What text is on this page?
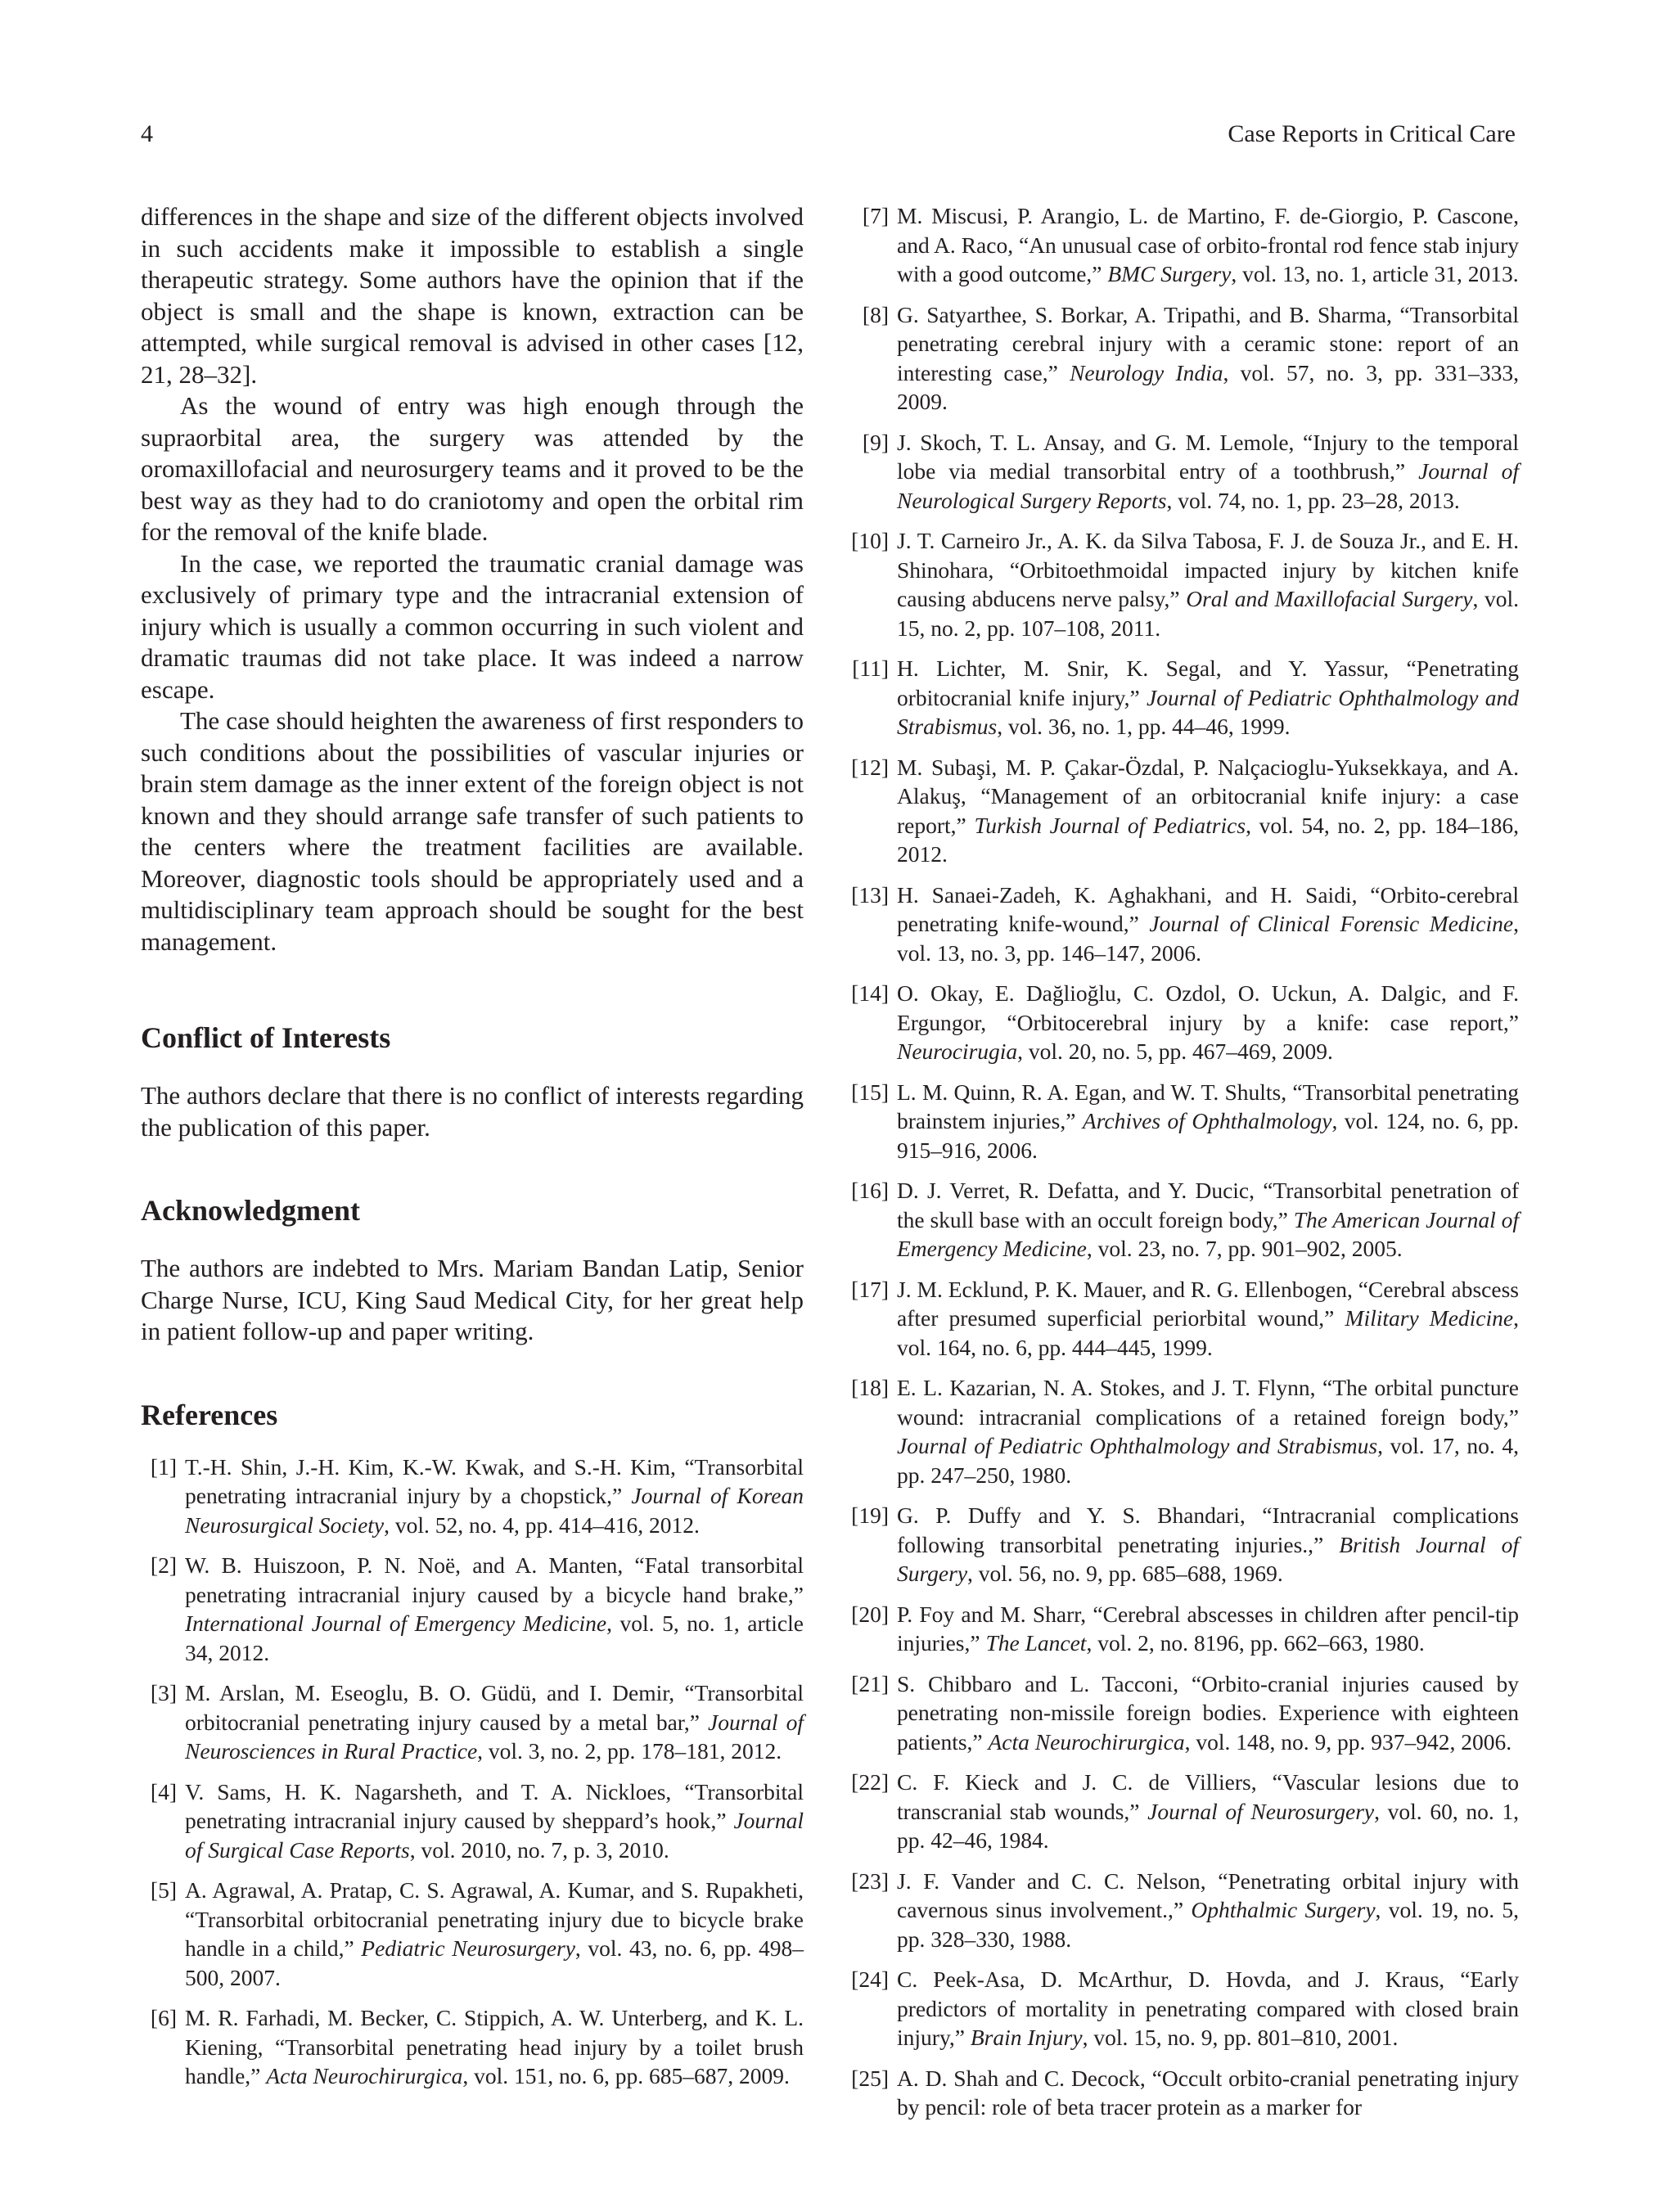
4	Case Reports in Critical Care

differences in the shape and size of the different objects involved in such accidents make it impossible to establish a single therapeutic strategy. Some authors have the opinion that if the object is small and the shape is known, extraction can be attempted, while surgical removal is advised in other cases [12, 21, 28–32].

As the wound of entry was high enough through the supraorbital area, the surgery was attended by the oromaxillofacial and neurosurgery teams and it proved to be the best way as they had to do craniotomy and open the orbital rim for the removal of the knife blade.

In the case, we reported the traumatic cranial damage was exclusively of primary type and the intracranial extension of injury which is usually a common occurring in such violent and dramatic traumas did not take place. It was indeed a narrow escape.

The case should heighten the awareness of first responders to such conditions about the possibilities of vascular injuries or brain stem damage as the inner extent of the foreign object is not known and they should arrange safe transfer of such patients to the centers where the treatment facilities are available. Moreover, diagnostic tools should be appropriately used and a multidisciplinary team approach should be sought for the best management.

Conflict of Interests

The authors declare that there is no conflict of interests regarding the publication of this paper.

Acknowledgment

The authors are indebted to Mrs. Mariam Bandan Latip, Senior Charge Nurse, ICU, King Saud Medical City, for her great help in patient follow-up and paper writing.

References
[1] T.-H. Shin, J.-H. Kim, K.-W. Kwak, and S.-H. Kim, “Transorbital penetrating intracranial injury by a chopstick,” Journal of Korean Neurosurgical Society, vol. 52, no. 4, pp. 414–416, 2012.
[2] W. B. Huiszoon, P. N. Noë, and A. Manten, “Fatal transorbital penetrating intracranial injury caused by a bicycle hand brake,” International Journal of Emergency Medicine, vol. 5, no. 1, article 34, 2012.
[3] M. Arslan, M. Eseoglu, B. O. Güdü, and I. Demir, “Transorbital orbitocranial penetrating injury caused by a metal bar,” Journal of Neurosciences in Rural Practice, vol. 3, no. 2, pp. 178–181, 2012.
[4] V. Sams, H. K. Nagarsheth, and T. A. Nickloes, “Transorbital penetrating intracranial injury caused by sheppard’s hook,” Journal of Surgical Case Reports, vol. 2010, no. 7, p. 3, 2010.
[5] A. Agrawal, A. Pratap, C. S. Agrawal, A. Kumar, and S. Rupakheti, “Transorbital orbitocranial penetrating injury due to bicycle brake handle in a child,” Pediatric Neurosurgery, vol. 43, no. 6, pp. 498–500, 2007.
[6] M. R. Farhadi, M. Becker, C. Stippich, A. W. Unterberg, and K. L. Kiening, “Transorbital penetrating head injury by a toilet brush handle,” Acta Neurochirurgica, vol. 151, no. 6, pp. 685–687, 2009.
[7] M. Miscusi, P. Arangio, L. de Martino, F. de-Giorgio, P. Cascone, and A. Raco, “An unusual case of orbito-frontal rod fence stab injury with a good outcome,” BMC Surgery, vol. 13, no. 1, article 31, 2013.
[8] G. Satyarthee, S. Borkar, A. Tripathi, and B. Sharma, “Transorbital penetrating cerebral injury with a ceramic stone: report of an interesting case,” Neurology India, vol. 57, no. 3, pp. 331–333, 2009.
[9] J. Skoch, T. L. Ansay, and G. M. Lemole, “Injury to the temporal lobe via medial transorbital entry of a toothbrush,” Journal of Neurological Surgery Reports, vol. 74, no. 1, pp. 23–28, 2013.
[10] J. T. Carneiro Jr., A. K. da Silva Tabosa, F. J. de Souza Jr., and E. H. Shinohara, “Orbitoethmoidal impacted injury by kitchen knife causing abducens nerve palsy,” Oral and Maxillofacial Surgery, vol. 15, no. 2, pp. 107–108, 2011.
[11] H. Lichter, M. Snir, K. Segal, and Y. Yassur, “Penetrating orbitocranial knife injury,” Journal of Pediatric Ophthalmology and Strabismus, vol. 36, no. 1, pp. 44–46, 1999.
[12] M. Subaşi, M. P. Çakar-Özdal, P. Nalçacioglu-Yuksekkaya, and A. Alakuş, “Management of an orbitocranial knife injury: a case report,” Turkish Journal of Pediatrics, vol. 54, no. 2, pp. 184–186, 2012.
[13] H. Sanaei-Zadeh, K. Aghakhani, and H. Saidi, “Orbito-cerebral penetrating knife-wound,” Journal of Clinical Forensic Medicine, vol. 13, no. 3, pp. 146–147, 2006.
[14] O. Okay, E. Dağlioğlu, C. Ozdol, O. Uckun, A. Dalgic, and F. Ergungor, “Orbitocerebral injury by a knife: case report,” Neurocirugia, vol. 20, no. 5, pp. 467–469, 2009.
[15] L. M. Quinn, R. A. Egan, and W. T. Shults, “Transorbital penetrating brainstem injuries,” Archives of Ophthalmology, vol. 124, no. 6, pp. 915–916, 2006.
[16] D. J. Verret, R. Defatta, and Y. Ducic, “Transorbital penetration of the skull base with an occult foreign body,” The American Journal of Emergency Medicine, vol. 23, no. 7, pp. 901–902, 2005.
[17] J. M. Ecklund, P. K. Mauer, and R. G. Ellenbogen, “Cerebral abscess after presumed superficial periorbital wound,” Military Medicine, vol. 164, no. 6, pp. 444–445, 1999.
[18] E. L. Kazarian, N. A. Stokes, and J. T. Flynn, “The orbital puncture wound: intracranial complications of a retained foreign body,” Journal of Pediatric Ophthalmology and Strabismus, vol. 17, no. 4, pp. 247–250, 1980.
[19] G. P. Duffy and Y. S. Bhandari, “Intracranial complications following transorbital penetrating injuries.,” British Journal of Surgery, vol. 56, no. 9, pp. 685–688, 1969.
[20] P. Foy and M. Sharr, “Cerebral abscesses in children after pencil-tip injuries,” The Lancet, vol. 2, no. 8196, pp. 662–663, 1980.
[21] S. Chibbaro and L. Tacconi, “Orbito-cranial injuries caused by penetrating non-missile foreign bodies. Experience with eighteen patients,” Acta Neurochirurgica, vol. 148, no. 9, pp. 937–942, 2006.
[22] C. F. Kieck and J. C. de Villiers, “Vascular lesions due to transcranial stab wounds,” Journal of Neurosurgery, vol. 60, no. 1, pp. 42–46, 1984.
[23] J. F. Vander and C. C. Nelson, “Penetrating orbital injury with cavernous sinus involvement.,” Ophthalmic Surgery, vol. 19, no. 5, pp. 328–330, 1988.
[24] C. Peek-Asa, D. McArthur, D. Hovda, and J. Kraus, “Early predictors of mortality in penetrating compared with closed brain injury,” Brain Injury, vol. 15, no. 9, pp. 801–810, 2001.
[25] A. D. Shah and C. Decock, “Occult orbito-cranial penetrating injury by pencil: role of beta tracer protein as a marker for
